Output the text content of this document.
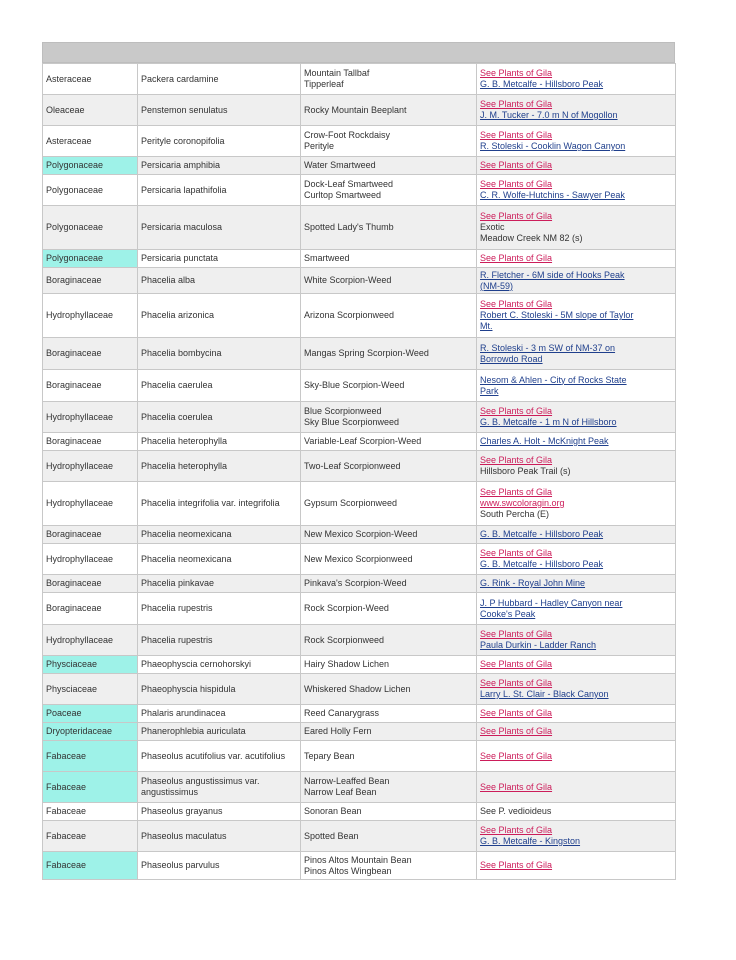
Asteraceae	Packera cardamine	Mountain Tallbaf
Tipperleaf	See Plants of Gila
G. B. Metcalfe - Hillsboro Peak

Oleaceae	Penstemon senulatus	Rocky Mountain Beeplant	See Plants of Gila
J. M. Tucker - 7.0 m N of Mogollon

Asteraceae	Perityle coronopifolia	Crow-Foot Rockdaisy
Perityle	See Plants of Gila
R. Stoleski - Cooklin Wagon Canyon

Polygonaceae	Persicaria amphibia	Water Smartweed	See Plants of Gila

Polygonaceae	Persicaria lapathifolia	Dock-Leaf Smartweed
Curltop Smartweed	See Plants of Gila
C. R. Wolfe-Hutchins - Sawyer Peak

Polygonaceae	Persicaria maculosa	Spotted Lady's Thumb	See Plants of Gila
Exotic
Meadow Creek NM 82 (s)

Polygonaceae	Persicaria punctata	Smartweed	See Plants of Gila

Boraginaceae	Phacelia alba	White Scorpion-Weed	R. Fletcher - 6M side of Hooks Peak
(NM-59)

Hydrophyllaceae	Phacelia arizonica	Arizona Scorpionweed	See Plants of Gila
Robert C. Stoleski - 5M slope of Taylor
Mt.

Boraginaceae	Phacelia bombycina	Mangas Spring Scorpion-Weed	R. Stoleski - 3 m SW of NM-37 on
Borrowdo Road

Boraginaceae	Phacelia caerulea	Sky-Blue Scorpion-Weed	Nesom & Ahlen - City of Rocks State
Park

Hydrophyllaceae	Phacelia coerulea	Blue Scorpionweed
Sky Blue Scorpionweed	See Plants of Gila
G. B. Metcalfe - 1 m N of Hillsboro

Boraginaceae	Phacelia heterophylla	Variable-Leaf Scorpion-Weed	Charles A. Holt - McKnight Peak

Hydrophyllaceae	Phacelia heterophylla	Two-Leaf Scorpionweed	See Plants of Gila
Hillsboro Peak Trail (s)

Hydrophyllaceae	Phacelia integrifolia var. integrifolia	Gypsum Scorpionweed	See Plants of Gila
www.swcoloragin.org
South Percha (E)

Boraginaceae	Phacelia neomexicana	New Mexico Scorpion-Weed	G. B. Metcalfe - Hillsboro Peak

Hydrophyllaceae	Phacelia neomexicana	New Mexico Scorpionweed	See Plants of Gila
G. B. Metcalfe - Hillsboro Peak

Boraginaceae	Phacelia pinkavae	Pinkava's Scorpion-Weed	G. Rink - Royal John Mine

Boraginaceae	Phacelia rupestris	Rock Scorpion-Weed	J. P Hubbard - Hadley Canyon near
Cooke's Peak

Hydrophyllaceae	Phacelia rupestris	Rock Scorpionweed	See Plants of Gila
Paula Durkin - Ladder Ranch

Physciaceae	Phaeophyscia cernohorskyi	Hairy Shadow Lichen	See Plants of Gila

Physciaceae	Phaeophyscia hispidula	Whiskered Shadow Lichen	See Plants of Gila
Larry L. St. Clair - Black Canyon

Poaceae	Phalaris arundinacea	Reed Canarygrass	See Plants of Gila

Dryopteridaceae	Phanerophlebia auriculata	Eared Holly Fern	See Plants of Gila

Fabaceae	Phaseolus acutifolius var. acutifolius	Tepary Bean	See Plants of Gila

Fabaceae	Phaseolus angustissimus var. angustissimus	Narrow-Leaffed Bean
Narrow Leaf Bean	See Plants of Gila

Fabaceae	Phaseolus grayanus	Sonoran Bean	See P. vedioideus

Fabaceae	Phaseolus maculatus	Spotted Bean	See Plants of Gila
G. B. Metcalfe - Kingston

Fabaceae	Phaseolus parvulus	Pinos Altos Mountain Bean
Pinos Altos Wingbean	See Plants of Gila
